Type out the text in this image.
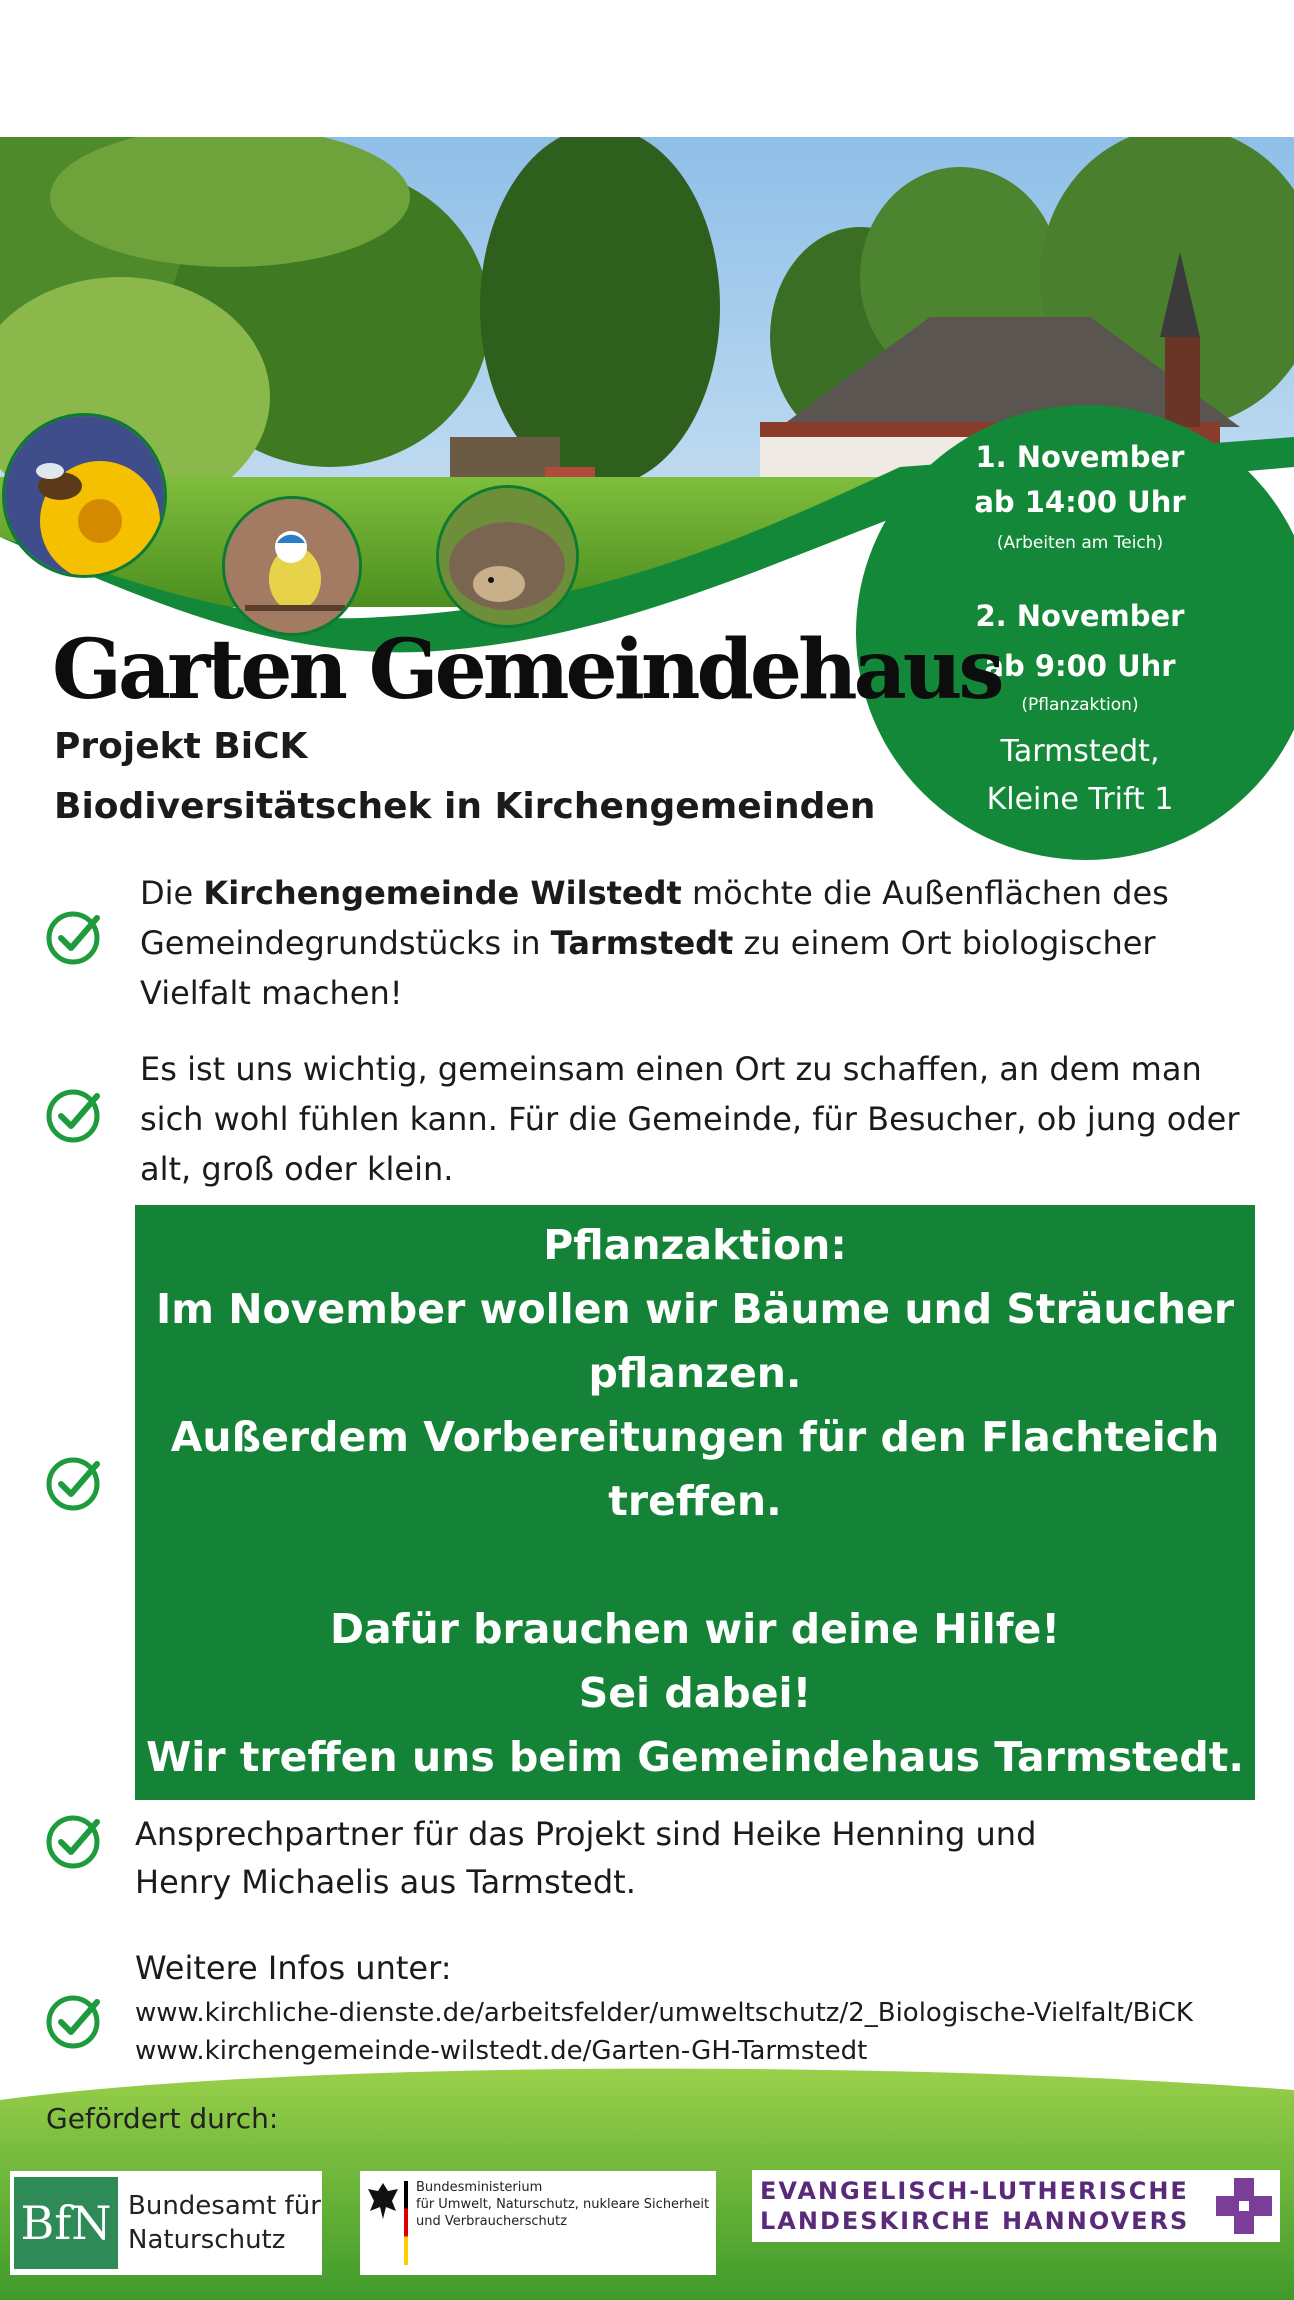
1. November
ab 14:00 Uhr
(Arbeiten am Teich)
2. November
ab 9:00 Uhr
(Pflanzaktion)
Tarmstedt,
Kleine Trift 1
Garten Gemeindehaus
Projekt BiCK
Biodiversitätschek in Kirchengemeinden
Die Kirchengemeinde Wilstedt möchte die Außenflächen des Gemeindegrundstücks in Tarmstedt zu einem Ort biologischer Vielfalt machen!
Es ist uns wichtig, gemeinsam einen Ort zu schaffen, an dem man sich wohl fühlen kann. Für die Gemeinde, für Besucher, ob jung oder alt, groß oder klein.
Pflanzaktion:
Im November wollen wir Bäume und Sträucher
pflanzen.
Außerdem Vorbereitungen für den Flachteich
treffen.
Dafür brauchen wir deine Hilfe!
Sei dabei!
Wir treffen uns beim Gemeindehaus Tarmstedt.
Ansprechpartner für das Projekt sind Heike Henning und
Henry Michaelis aus Tarmstedt.
Weitere Infos unter:
www.kirchliche-dienste.de/arbeitsfelder/umweltschutz/2_Biologische-Vielfalt/BiCK
www.kirchengemeinde-wilstedt.de/Garten-GH-Tarmstedt
Gefördert durch:
BfN Bundesamt für
Naturschutz
Bundesministerium
für Umwelt, Naturschutz, nukleare Sicherheit
und Verbraucherschutz
EVANGELISCH-LUTHERISCHE
LANDESKIRCHE HANNOVERS
